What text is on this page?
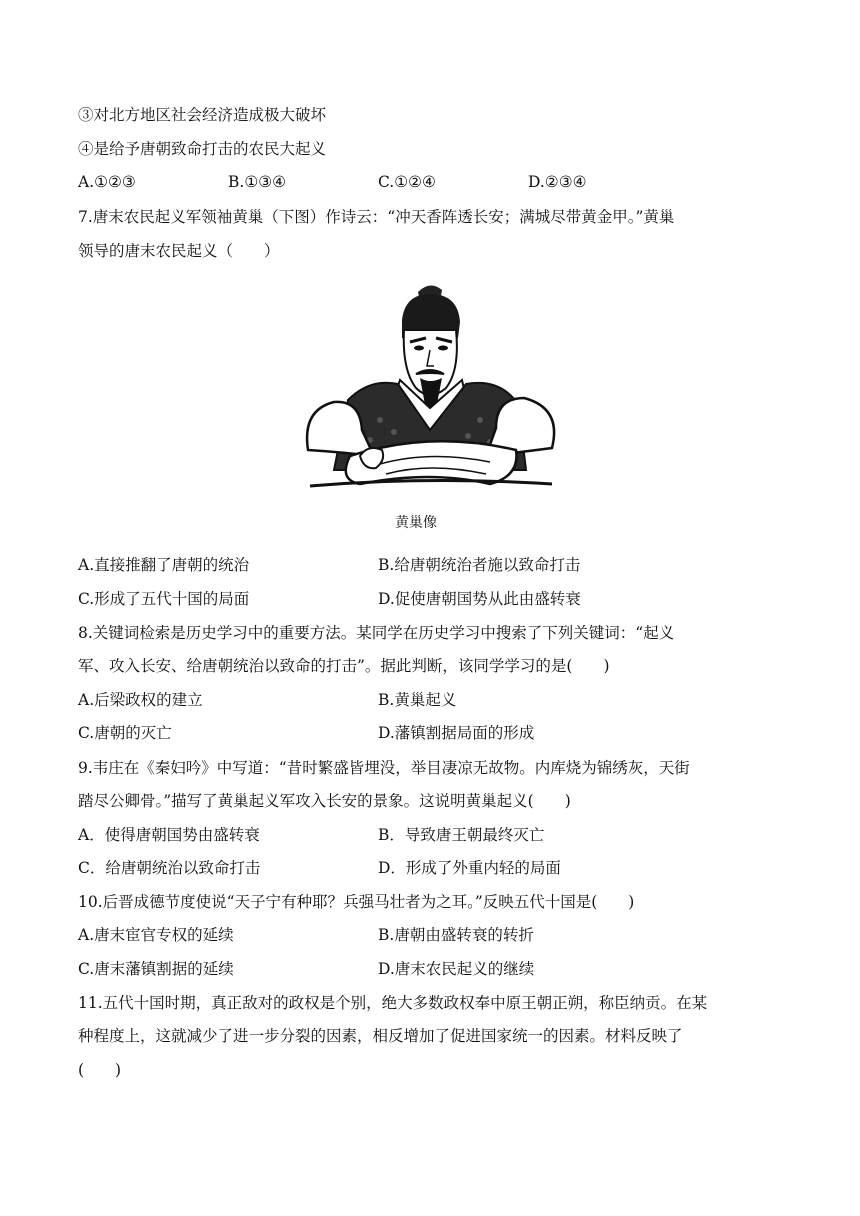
③对北方地区社会经济造成极大破坏
④是给予唐朝致命打击的农民大起义
A.①②③	B.①③④	C.①②④	D.②③④
7.唐末农民起义军领袖黄巢（下图）作诗云：“冲天香阵透长安；满城尽带黄金甲。”黄巢
领导的唐末农民起义（　　）
黄巢像
A.直接推翻了唐朝的统治	B.给唐朝统治者施以致命打击
C.形成了五代十国的局面	D.促使唐朝国势从此由盛转衰
8.关键词检索是历史学习中的重要方法。某同学在历史学习中搜索了下列关键词：“起义
军、攻入长安、给唐朝统治以致命的打击”。据此判断，该同学学习的是(　　)
A.后梁政权的建立	B.黄巢起义
C.唐朝的灭亡	D.藩镇割据局面的形成
9.韦庄在《秦妇吟》中写道：“昔时繁盛皆埋没，举目凄凉无故物。内库烧为锦绣灰，天街
踏尽公卿骨。”描写了黄巢起义军攻入长安的景象。这说明黄巢起义(　　)
A．使得唐朝国势由盛转衰	B．导致唐王朝最终灭亡
C．给唐朝统治以致命打击	D．形成了外重内轻的局面
10.后晋成德节度使说“天子宁有种耶？兵强马壮者为之耳。”反映五代十国是(　　)
A.唐末宦官专权的延续	B.唐朝由盛转衰的转折
C.唐末藩镇割据的延续	D.唐末农民起义的继续
11.五代十国时期，真正敌对的政权是个别，绝大多数政权奉中原王朝正朔，称臣纳贡。在某
种程度上，这就减少了进一步分裂的因素，相反增加了促进国家统一的因素。材料反映了
(　　)
